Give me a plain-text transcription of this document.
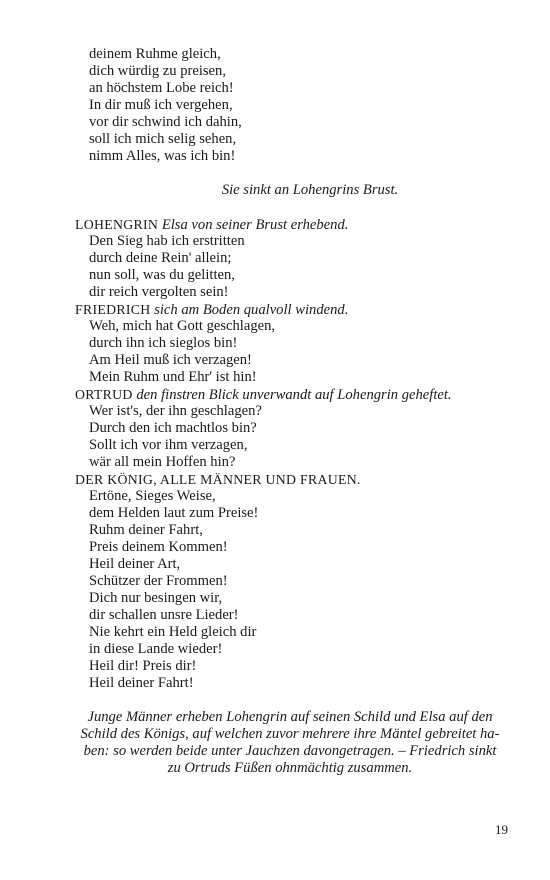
deinem Ruhme gleich,
dich würdig zu preisen,
an höchstem Lobe reich!
In dir muß ich vergehen,
vor dir schwind ich dahin,
soll ich mich selig sehen,
nimm Alles, was ich bin!
Sie sinkt an Lohengrins Brust.
LOHENGRIN Elsa von seiner Brust erhebend.
Den Sieg hab ich erstritten
durch deine Rein' allein;
nun soll, was du gelitten,
dir reich vergolten sein!
FRIEDRICH sich am Boden qualvoll windend.
Weh, mich hat Gott geschlagen,
durch ihn ich sieglos bin!
Am Heil muß ich verzagen!
Mein Ruhm und Ehr' ist hin!
ORTRUD den finstren Blick unverwandt auf Lohengrin geheftet.
Wer ist's, der ihn geschlagen?
Durch den ich machtlos bin?
Sollt ich vor ihm verzagen,
wär all mein Hoffen hin?
DER KÖNIG, ALLE MÄNNER UND FRAUEN.
Ertöne, Sieges Weise,
dem Helden laut zum Preise!
Ruhm deiner Fahrt,
Preis deinem Kommen!
Heil deiner Art,
Schützer der Frommen!
Dich nur besingen wir,
dir schallen unsre Lieder!
Nie kehrt ein Held gleich dir
in diese Lande wieder!
Heil dir! Preis dir!
Heil deiner Fahrt!
Junge Männer erheben Lohengrin auf seinen Schild und Elsa auf den
Schild des Königs, auf welchen zuvor mehrere ihre Mäntel gebreitet ha-
ben: so werden beide unter Jauchzen davongetragen. – Friedrich sinkt
zu Ortruds Füßen ohnmächtig zusammen.
19
